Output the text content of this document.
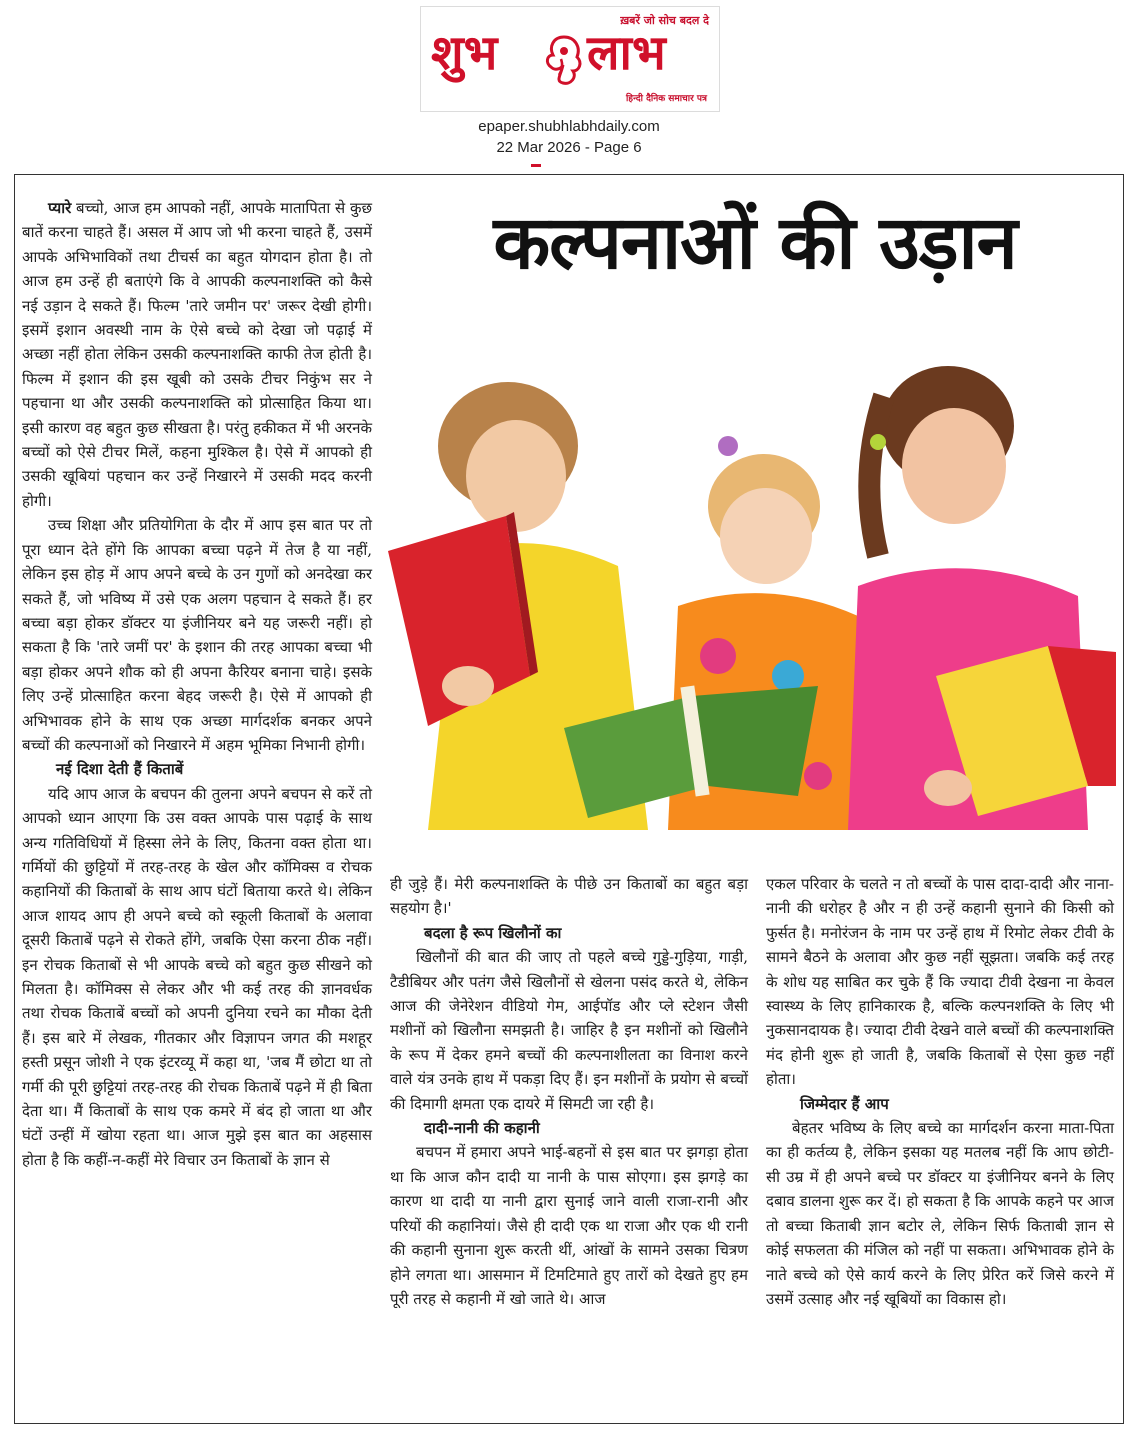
ख़बरें जो सोच बदल दे
शुभ लाभ
हिन्दी दैनिक समाचार पत्र
epaper.shubhlabhdaily.com
22 Mar 2026 - Page 6
कल्पनाओं की उड़ान

प्यारे बच्चो, आज हम आपको नहीं, आपके मातापिता से कुछ बातें करना चाहते हैं। असल में आप जो भी करना चाहते हैं, उसमें आपके अभिभाविकों तथा टीचर्स का बहुत योगदान होता है। तो आज हम उन्हें ही बताएंगे कि वे आपकी कल्पनाशक्ति को कैसे नई उड़ान दे सकते हैं। फिल्म 'तारे जमीन पर' जरूर देखी होगी। इसमें इशान अवस्थी नाम के ऐसे बच्चे को देखा जो पढ़ाई में अच्छा नहीं होता लेकिन उसकी कल्पनाशक्ति काफी तेज होती है। फिल्म में इशान की इस खूबी को उसके टीचर निकुंभ सर ने पहचाना था और उसकी कल्पनाशक्ति को प्रोत्साहित किया था। इसी कारण वह बहुत कुछ सीखता है। परंतु हकीकत में भी अरनके बच्चों को ऐसे टीचर मिलें, कहना मुश्किल है। ऐसे में आपको ही उसकी खूबियां पहचान कर उन्हें निखारने में उसकी मदद करनी होगी।

उच्च शिक्षा और प्रतियोगिता के दौर में आप इस बात पर तो पूरा ध्यान देते होंगे कि आपका बच्चा पढ़ने में तेज है या नहीं, लेकिन इस होड़ में आप अपने बच्चे के उन गुणों को अनदेखा कर सकते हैं, जो भविष्य में उसे एक अलग पहचान दे सकते हैं। हर बच्चा बड़ा होकर डॉक्टर या इंजीनियर बने यह जरूरी नहीं। हो सकता है कि 'तारे जमीं पर' के इशान की तरह आपका बच्चा भी बड़ा होकर अपने शौक को ही अपना कैरियर बनाना चाहे। इसके लिए उन्हें प्रोत्साहित करना बेहद जरूरी है। ऐसे में आपको ही अभिभावक होने के साथ एक अच्छा मार्गदर्शक बनकर अपने बच्चों की कल्पनाओं को निखारने में अहम भूमिका निभानी होगी।

नई दिशा देती हैं किताबें

यदि आप आज के बचपन की तुलना अपने बचपन से करें तो आपको ध्यान आएगा कि उस वक्त आपके पास पढ़ाई के साथ अन्य गतिविधियों में हिस्सा लेने के लिए, कितना वक्त होता था। गर्मियों की छुट्टियों में तरह-तरह के खेल और कॉमिक्स व रोचक कहानियों की किताबों के साथ आप घंटों बिताया करते थे। लेकिन आज शायद आप ही अपने बच्चे को स्कूली किताबों के अलावा दूसरी किताबें पढ़ने से रोकते होंगे, जबकि ऐसा करना ठीक नहीं। इन रोचक किताबों से भी आपके बच्चे को बहुत कुछ सीखने को मिलता है। कॉमिक्स से लेकर और भी कई तरह की ज्ञानवर्धक तथा रोचक किताबें बच्चों को अपनी दुनिया रचने का मौका देती हैं। इस बारे में लेखक, गीतकार और विज्ञापन जगत की मशहूर हस्ती प्रसून जोशी ने एक इंटरव्यू में कहा था, 'जब मैं छोटा था तो गर्मी की पूरी छुट्टियां तरह-तरह की रोचक किताबें पढ़ने में ही बिता देता था। मैं किताबों के साथ एक कमरे में बंद हो जाता था और घंटों उन्हीं में खोया रहता था। आज मुझे इस बात का अहसास होता है कि कहीं-न-कहीं मेरे विचार उन किताबों के ज्ञान से

ही जुड़े हैं। मेरी कल्पनाशक्ति के पीछे उन किताबों का बहुत बड़ा सहयोग है।'

बदला है रूप खिलौनों का

खिलौनों की बात की जाए तो पहले बच्चे गुड्डे-गुड़िया, गाड़ी, टैडीबियर और पतंग जैसे खिलौनों से खेलना पसंद करते थे, लेकिन आज की जेनेरेशन वीडियो गेम, आईपॉड और प्ले स्टेशन जैसी मशीनों को खिलौना समझती है। जाहिर है इन मशीनों को खिलौने के रूप में देकर हमने बच्चों की कल्पनाशीलता का विनाश करने वाले यंत्र उनके हाथ में पकड़ा दिए हैं। इन मशीनों के प्रयोग से बच्चों की दिमागी क्षमता एक दायरे में सिमटी जा रही है।

दादी-नानी की कहानी

बचपन में हमारा अपने भाई-बहनों से इस बात पर झगड़ा होता था कि आज कौन दादी या नानी के पास सोएगा। इस झगड़े का कारण था दादी या नानी द्वारा सुनाई जाने वाली राजा-रानी और परियों की कहानियां। जैसे ही दादी एक था राजा और एक थी रानी की कहानी सुनाना शुरू करती थीं, आंखों के सामने उसका चित्रण होने लगता था। आसमान में टिमटिमाते हुए तारों को देखते हुए हम पूरी तरह से कहानी में खो जाते थे। आज

एकल परिवार के चलते न तो बच्चों के पास दादा-दादी और नाना-नानी की धरोहर है और न ही उन्हें कहानी सुनाने की किसी को फुर्सत है। मनोरंजन के नाम पर उन्हें हाथ में रिमोट लेकर टीवी के सामने बैठने के अलावा और कुछ नहीं सूझता। जबकि कई तरह के शोध यह साबित कर चुके हैं कि ज्यादा टीवी देखना ना केवल स्वास्थ्य के लिए हानिकारक है, बल्कि कल्पनशक्ति के लिए भी नुकसानदायक है। ज्यादा टीवी देखने वाले बच्चों की कल्पनाशक्ति मंद होनी शुरू हो जाती है, जबकि किताबों से ऐसा कुछ नहीं होता।

जिम्मेदार हैं आप

बेहतर भविष्य के लिए बच्चे का मार्गदर्शन करना माता-पिता का ही कर्तव्य है, लेकिन इसका यह मतलब नहीं कि आप छोटी-सी उम्र में ही अपने बच्चे पर डॉक्टर या इंजीनियर बनने के लिए दबाव डालना शुरू कर दें। हो सकता है कि आपके कहने पर आज तो बच्चा किताबी ज्ञान बटोर ले, लेकिन सिर्फ किताबी ज्ञान से कोई सफलता की मंजिल को नहीं पा सकता। अभिभावक होने के नाते बच्चे को ऐसे कार्य करने के लिए प्रेरित करें जिसे करने में उसमें उत्साह और नई खूबियों का विकास हो।
